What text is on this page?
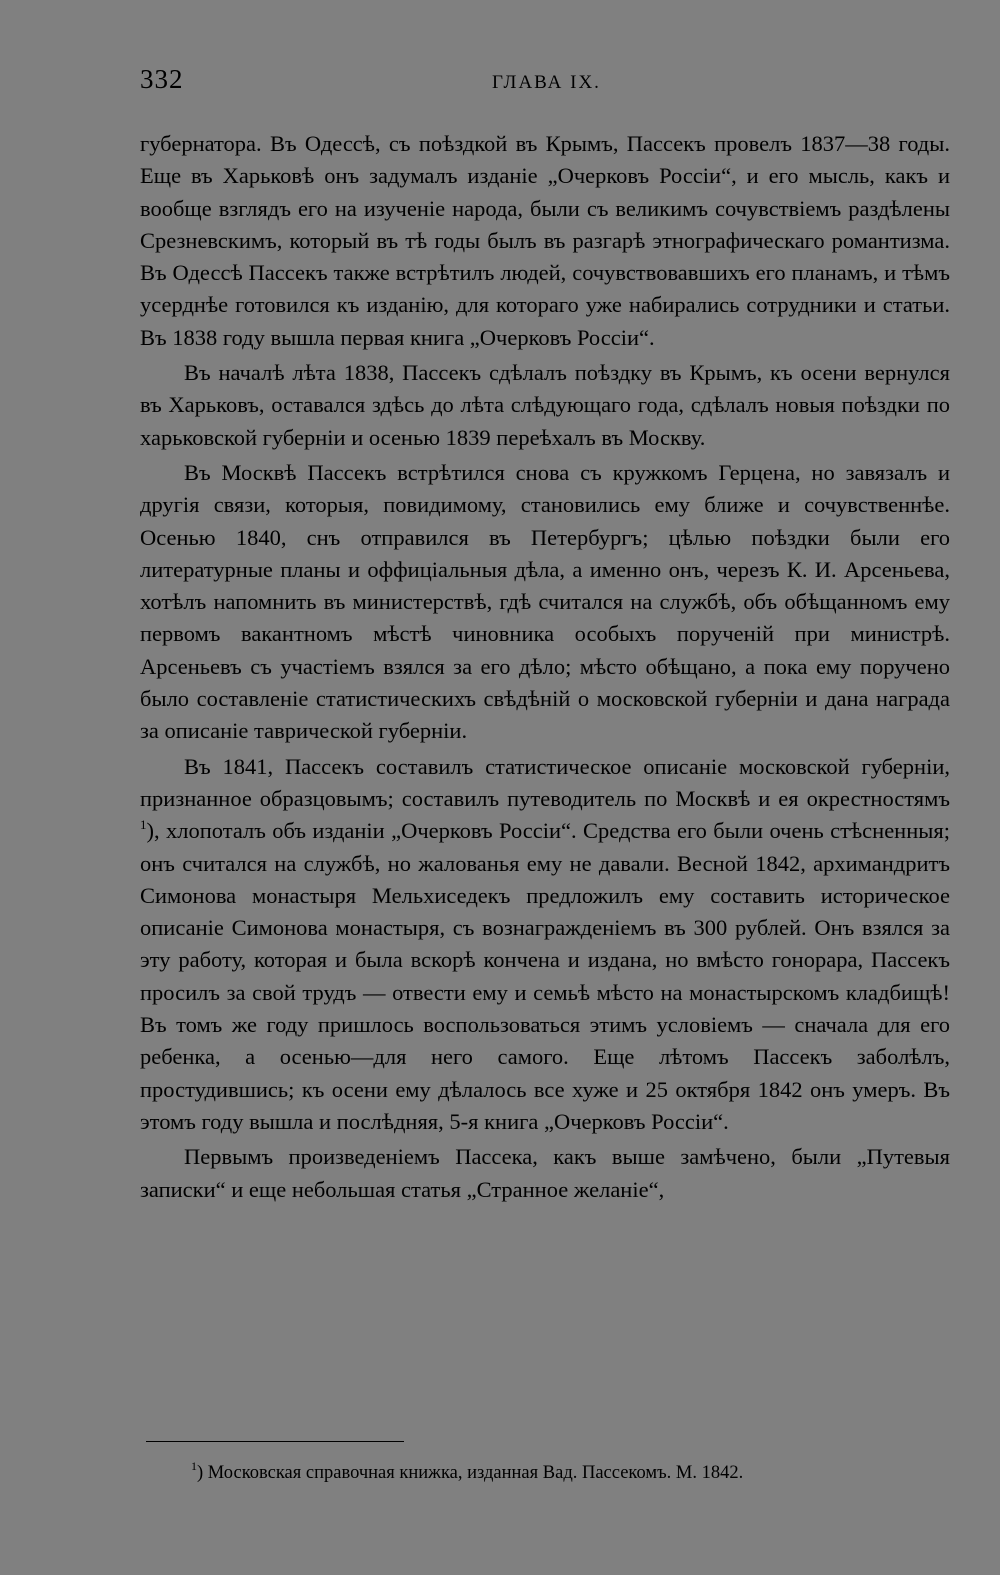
332	ГЛАВА IX.

губернатора. Въ Одессѣ, съ поѣздкой въ Крымъ, Пассекъ провелъ 1837—38 годы. Еще въ Харьковѣ онъ задумалъ изданіе „Очерковъ Россіи“, и его мысль, какъ и вообще взглядъ его на изученіе народа, были съ великимъ сочувствіемъ раздѣлены Срезневскимъ, который въ тѣ годы былъ въ разгарѣ этнографическаго романтизма. Въ Одессѣ Пассекъ также встрѣтилъ людей, сочувствовавшихъ его планамъ, и тѣмъ усерднѣе готовился къ изданію, для котораго уже набирались сотрудники и статьи. Въ 1838 году вышла первая книга „Очерковъ Россіи“.

Въ началѣ лѣта 1838, Пассекъ сдѣлалъ поѣздку въ Крымъ, къ осени вернулся въ Харьковъ, оставался здѣсь до лѣта слѣдующаго года, сдѣлалъ новыя поѣздки по харьковской губерніи и осенью 1839 переѣхалъ въ Москву.

Въ Москвѣ Пассекъ встрѣтился снова съ кружкомъ Герцена, но завязалъ и другія связи, которыя, повидимому, становились ему ближе и сочувственнѣе. Осенью 1840, снъ отправился въ Петербургъ; цѣлью поѣздки были его литературные планы и оффиціальныя дѣла, а именно онъ, черезъ К. И. Арсеньева, хотѣлъ напомнить въ министерствѣ, гдѣ считался на службѣ, объ обѣщанномъ ему первомъ вакантномъ мѣстѣ чиновника особыхъ порученій при министрѣ. Арсеньевъ съ участіемъ взялся за его дѣло; мѣсто обѣщано, а пока ему поручено было составленіе статистическихъ свѣдѣній о московской губерніи и дана награда за описаніе таврической губерніи.

Въ 1841, Пассекъ составилъ статистическое описаніе московской губерніи, признанное образцовымъ; составилъ путеводитель по Москвѣ и ея окрестностямъ $^1$), хлопоталъ объ изданіи „Очерковъ Россіи“. Средства его были очень стѣсненныя; онъ считался на службѣ, но жалованья ему не давали. Весной 1842, архимандритъ Симонова монастыря Мельхиседекъ предложилъ ему составить историческое описаніе Симонова монастыря, съ вознагражденіемъ въ 300 рублей. Онъ взялся за эту работу, которая и была вскорѣ кончена и издана, но вмѣсто гонорара, Пассекъ просилъ за свой трудъ — отвести ему и семьѣ мѣсто на монастырскомъ кладбищѣ! Въ томъ же году пришлось воспользоваться этимъ условіемъ — сначала для его ребенка, а осенью—для него самого. Еще лѣтомъ Пассекъ заболѣлъ, простудившись; къ осени ему дѣлалось все хуже и 25 октября 1842 онъ умеръ. Въ этомъ году вышла и послѣдняя, 5-я книга „Очерковъ Россіи“.

Первымъ произведеніемъ Пассека, какъ выше замѣчено, были „Путевыя записки“ и еще небольшая статья „Странное желаніе“,

$^1$) Московская справочная книжка, изданная Вад. Пассекомъ. М. 1842.
